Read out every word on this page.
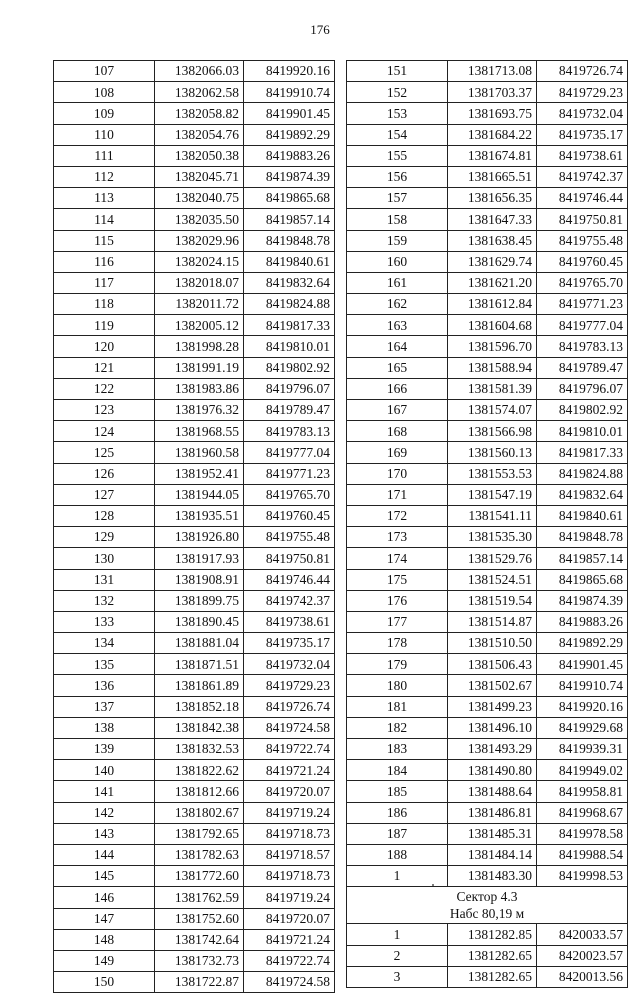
176
107	1382066.03	8419920.16
108	1382062.58	8419910.74
109	1382058.82	8419901.45
110	1382054.76	8419892.29
111	1382050.38	8419883.26
112	1382045.71	8419874.39
113	1382040.75	8419865.68
114	1382035.50	8419857.14
115	1382029.96	8419848.78
116	1382024.15	8419840.61
117	1382018.07	8419832.64
118	1382011.72	8419824.88
119	1382005.12	8419817.33
120	1381998.28	8419810.01
121	1381991.19	8419802.92
122	1381983.86	8419796.07
123	1381976.32	8419789.47
124	1381968.55	8419783.13
125	1381960.58	8419777.04
126	1381952.41	8419771.23
127	1381944.05	8419765.70
128	1381935.51	8419760.45
129	1381926.80	8419755.48
130	1381917.93	8419750.81
131	1381908.91	8419746.44
132	1381899.75	8419742.37
133	1381890.45	8419738.61
134	1381881.04	8419735.17
135	1381871.51	8419732.04
136	1381861.89	8419729.23
137	1381852.18	8419726.74
138	1381842.38	8419724.58
139	1381832.53	8419722.74
140	1381822.62	8419721.24
141	1381812.66	8419720.07
142	1381802.67	8419719.24
143	1381792.65	8419718.73
144	1381782.63	8419718.57
145	1381772.60	8419718.73
146	1381762.59	8419719.24
147	1381752.60	8419720.07
148	1381742.64	8419721.24
149	1381732.73	8419722.74
150	1381722.87	8419724.58
151	1381713.08	8419726.74
152	1381703.37	8419729.23
153	1381693.75	8419732.04
154	1381684.22	8419735.17
155	1381674.81	8419738.61
156	1381665.51	8419742.37
157	1381656.35	8419746.44
158	1381647.33	8419750.81
159	1381638.45	8419755.48
160	1381629.74	8419760.45
161	1381621.20	8419765.70
162	1381612.84	8419771.23
163	1381604.68	8419777.04
164	1381596.70	8419783.13
165	1381588.94	8419789.47
166	1381581.39	8419796.07
167	1381574.07	8419802.92
168	1381566.98	8419810.01
169	1381560.13	8419817.33
170	1381553.53	8419824.88
171	1381547.19	8419832.64
172	1381541.11	8419840.61
173	1381535.30	8419848.78
174	1381529.76	8419857.14
175	1381524.51	8419865.68
176	1381519.54	8419874.39
177	1381514.87	8419883.26
178	1381510.50	8419892.29
179	1381506.43	8419901.45
180	1381502.67	8419910.74
181	1381499.23	8419920.16
182	1381496.10	8419929.68
183	1381493.29	8419939.31
184	1381490.80	8419949.02
185	1381488.64	8419958.81
186	1381486.81	8419968.67
187	1381485.31	8419978.58
188	1381484.14	8419988.54
1	1381483.30	8419998.53

Сектор 4.3
Набс 80,19 м		

1	1381282.85	8420033.57
2	1381282.65	8420023.57
3	1381282.65	8420013.56
